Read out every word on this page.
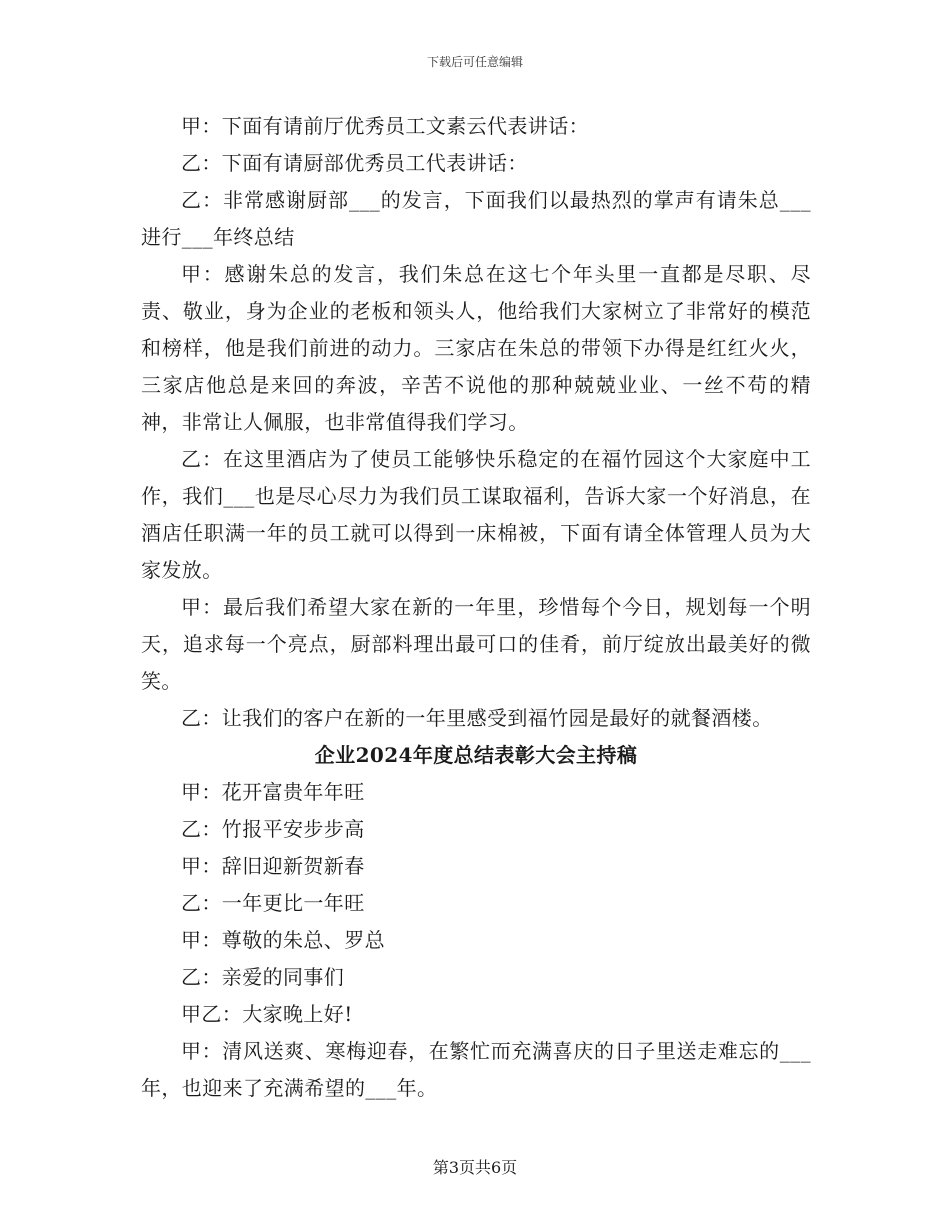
下载后可任意编辑

甲：下面有请前厅优秀员工文素云代表讲话：

乙：下面有请厨部优秀员工代表讲话：

乙：非常感谢厨部___的发言，下面我们以最热烈的掌声有请朱总___进行___年终总结

甲：感谢朱总的发言，我们朱总在这七个年头里一直都是尽职、尽责、敬业，身为企业的老板和领头人，他给我们大家树立了非常好的模范和榜样，他是我们前进的动力。三家店在朱总的带领下办得是红红火火，三家店他总是来回的奔波，辛苦不说他的那种兢兢业业、一丝不苟的精神，非常让人佩服，也非常值得我们学习。

乙：在这里酒店为了使员工能够快乐稳定的在福竹园这个大家庭中工作，我们___也是尽心尽力为我们员工谋取福利，告诉大家一个好消息，在酒店任职满一年的员工就可以得到一床棉被，下面有请全体管理人员为大家发放。

甲：最后我们希望大家在新的一年里，珍惜每个今日，规划每一个明天，追求每一个亮点，厨部料理出最可口的佳肴，前厅绽放出最美好的微笑。

乙：让我们的客户在新的一年里感受到福竹园是最好的就餐酒楼。

企业2024年度总结表彰大会主持稿

甲：花开富贵年年旺

乙：竹报平安步步高

甲：辞旧迎新贺新春

乙：一年更比一年旺

甲：尊敬的朱总、罗总

乙：亲爱的同事们

甲乙：大家晚上好!

甲：清风送爽、寒梅迎春，在繁忙而充满喜庆的日子里送走难忘的___年，也迎来了充满希望的___年。

第3页共6页
